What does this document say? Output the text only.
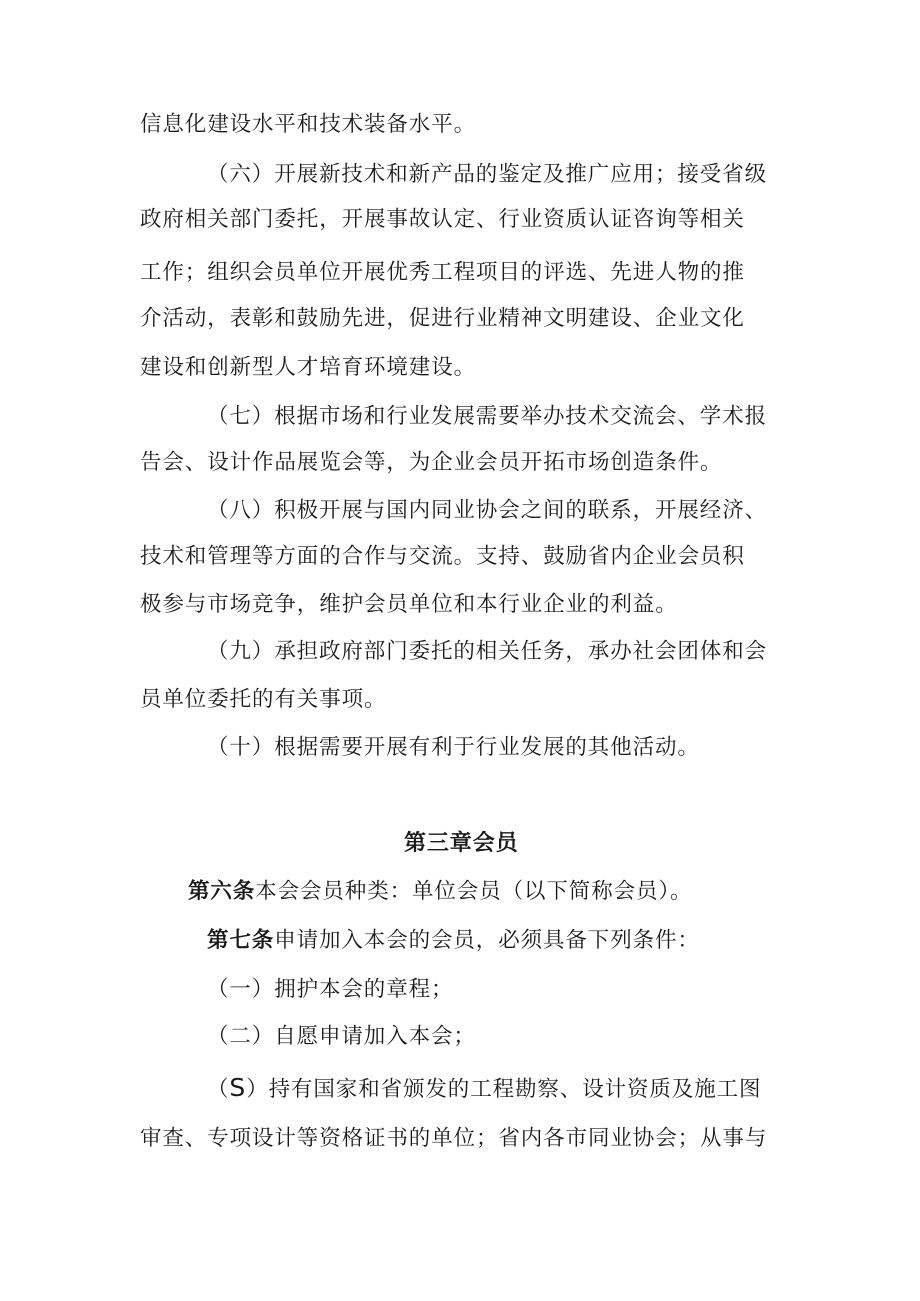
信息化建设水平和技术装备水平。
（六）开展新技术和新产品的鉴定及推广应用；接受省级
政府相关部门委托，开展事故认定、行业资质认证咨询等相关
工作；组织会员单位开展优秀工程项目的评选、先进人物的推
介活动，表彰和鼓励先进，促进行业精神文明建设、企业文化
建设和创新型人才培育环境建设。
（七）根据市场和行业发展需要举办技术交流会、学术报
告会、设计作品展览会等，为企业会员开拓市场创造条件。
（八）积极开展与国内同业协会之间的联系，开展经济、
技术和管理等方面的合作与交流。支持、鼓励省内企业会员积
极参与市场竞争，维护会员单位和本行业企业的利益。
（九）承担政府部门委托的相关任务，承办社会团体和会
员单位委托的有关事项。
（十）根据需要开展有利于行业发展的其他活动。
第三章会员
第六条本会会员种类：单位会员（以下简称会员）。
第七条申请加入本会的会员，必须具备下列条件：
（一）拥护本会的章程；
（二）自愿申请加入本会；
（S）持有国家和省颁发的工程勘察、设计资质及施工图
审查、专项设计等资格证书的单位；省内各市同业协会；从事与
